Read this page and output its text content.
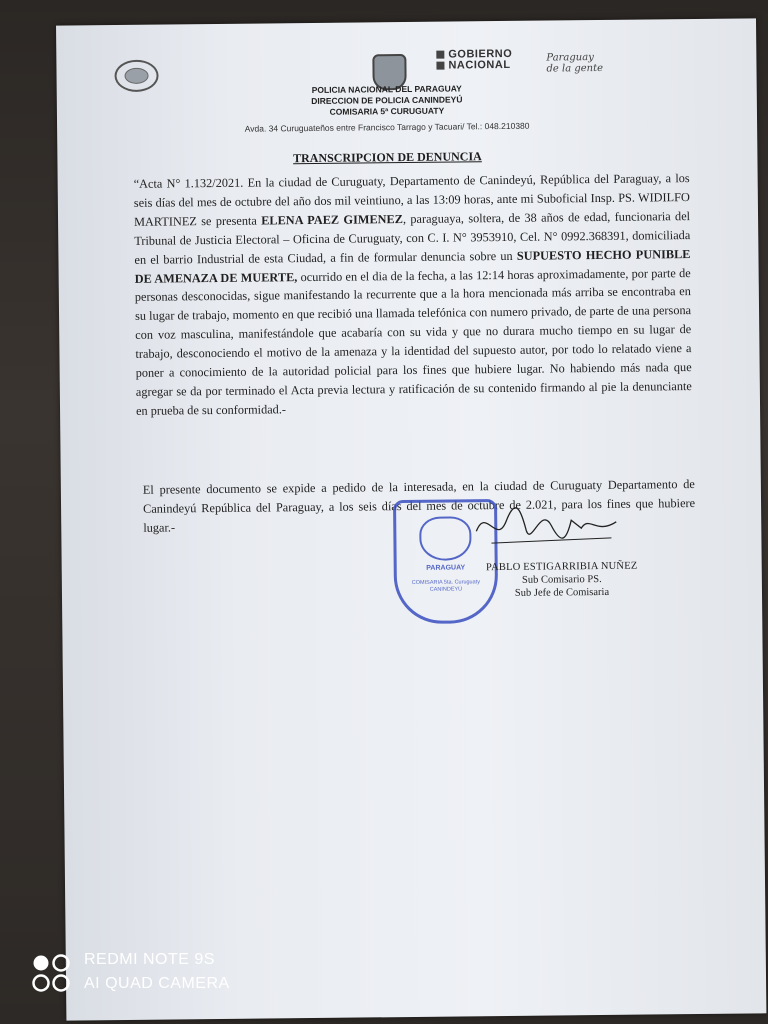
GOBIERNO
NACIONAL
Paraguay
de la gente
POLICIA NACIONAL DEL PARAGUAY
DIRECCION DE POLICIA CANINDEYÚ
COMISARIA 5ª CURUGUATY
Avda. 34 Curuguateños entre Francisco Tarrago y Tacuari/ Tel.: 048.210380
TRANSCRIPCION DE DENUNCIA
“Acta N° 1.132/2021. En la ciudad de Curuguaty, Departamento de Canindeyú, República del Paraguay, a los seis días del mes de octubre del año dos mil veintiuno, a las 13:09 horas, ante mi Suboficial Insp. PS. WIDILFO MARTINEZ se presenta ELENA PAEZ GIMENEZ, paraguaya, soltera, de 38 años de edad, funcionaria del Tribunal de Justicia Electoral – Oficina de Curuguaty, con C. I. N° 3953910, Cel. N° 0992.368391, domiciliada en el barrio Industrial de esta Ciudad, a fin de formular denuncia sobre un SUPUESTO HECHO PUNIBLE DE AMENAZA DE MUERTE, ocurrido en el dia de la fecha, a las 12:14 horas aproximadamente, por parte de personas desconocidas, sigue manifestando la recurrente que a la hora mencionada más arriba se encontraba en su lugar de trabajo, momento en que recibió una llamada telefónica con numero privado, de parte de una persona con voz masculina, manifestándole que acabaría con su vida y que no durara mucho tiempo en su lugar de trabajo, desconociendo el motivo de la amenaza y la identidad del supuesto autor, por todo lo relatado viene a poner a conocimiento de la autoridad policial para los fines que hubiere lugar. No habiendo más nada que agregar se da por terminado el Acta previa lectura y ratificación de su contenido firmando al pie la denunciante en prueba de su conformidad.-
El presente documento se expide a pedido de la interesada, en la ciudad de Curuguaty Departamento de Canindeyú República del Paraguay, a los seis días del mes de octubre de 2.021, para los fines que hubiere lugar.-
PARAGUAY
COMISARIA 5ta. Curuguaty
CANINDEYÚ
PABLO ESTIGARRIBIA NUÑEZ
Sub Comisario PS.
Sub Jefe de Comisaria
REDMI NOTE 9S
AI QUAD CAMERA
